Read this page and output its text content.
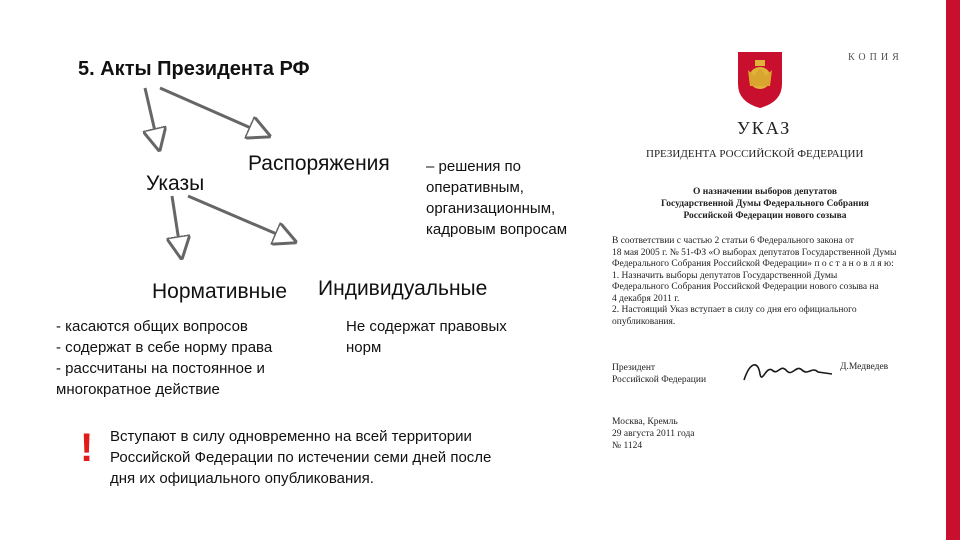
5. Акты Президента РФ
Указы
Распоряжения – решения по
оперативным,
организационным,
кадровым вопросам
Нормативные Индивидуальные
- касаются общих вопросов
- содержат в себе норму права
- рассчитаны на постоянное и
многократное действие
Не содержат правовых
норм
! Вступают в силу одновременно на всей территории
Российской Федерации по истечении семи дней после
дня их официального опубликования.
КОПИЯ
УКАЗ
ПРЕЗИДЕНТА РОССИЙСКОЙ ФЕДЕРАЦИИ
О назначении выборов депутатов
Государственной Думы Федерального Собрания
Российской Федерации нового созыва
В соответствии с частью 2 статьи 6 Федерального закона от
18 мая 2005 г. № 51-ФЗ «О выборах депутатов Государственной Думы
Федерального Собрания Российской Федерации» п о с т а н о в л я ю:
1. Назначить выборы депутатов Государственной Думы
Федерального Собрания Российской Федерации нового созыва на
4 декабря 2011 г.
2. Настоящий Указ вступает в силу со дня его официального
опубликования.
Президент
Российской Федерации
Д.Медведев
Москва, Кремль
29 августа 2011 года
№ 1124
